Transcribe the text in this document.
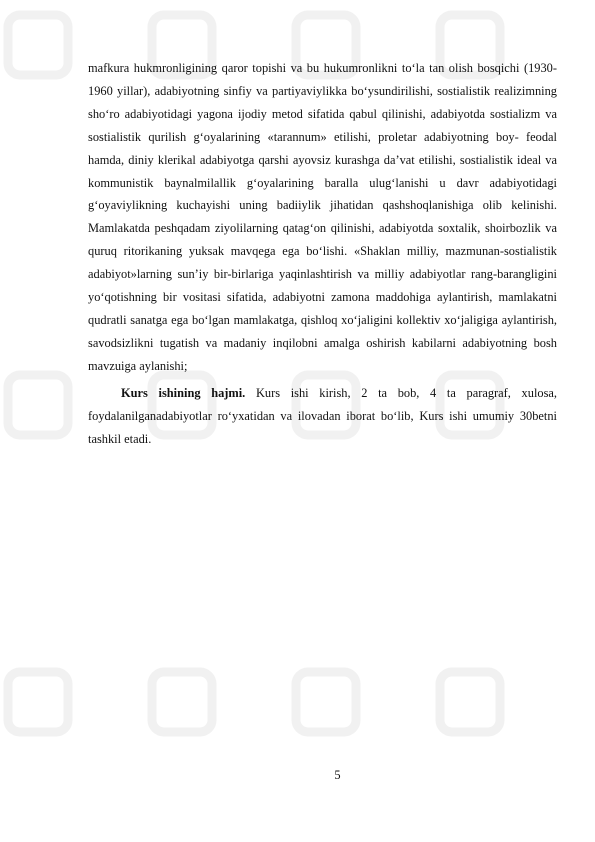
mafkura hukmronligining qaror topishi va bu hukumronlikni to‘la tan olish bosqichi (1930-1960 yillar), adabiyotning sinfiy va partiyaviylikka bo‘ysundirilishi, sostialistik realizimning sho‘ro adabiyotidagi yagona ijodiy metod sifatida qabul qilinishi, adabiyotda sostializm va sostialistik qurilish g‘oyalarining «tarannum» etilishi, proletar adabiyotning boy- feodal hamda, diniy klerikal adabiyotga qarshi ayovsiz kurashga da’vat etilishi, sostialistik ideal va kommunistik baynalmilallik g‘oyalarining baralla ulug‘lanishi u davr adabiyotidagi g‘oyaviylikning kuchayishi uning badiiylik jihatidan qashshoqlanishiga olib kelinishi. Mamlakatda peshqadam ziyolilarning qatag‘on qilinishi, adabiyotda soxtalik, shoirbozlik va quruq ritorikaning yuksak mavqega ega bo‘lishi. «Shaklan milliy, mazmunan-sostialistik adabiyot»larning sun’iy bir-birlariga yaqinlashtirish va milliy adabiyotlar rang-barangligini yo‘qotishning bir vositasi sifatida, adabiyotni zamona maddohiga aylantirish, mamlakatni qudratli sanatga ega bo‘lgan mamlakatga, qishloq xo‘jaligini kollektiv xo‘jaligiga aylantirish, savodsizlikni tugatish va madaniy inqilobni amalga oshirish kabilarni adabiyotning bosh mavzuiga aylanishi;

Kurs ishining hajmi. Kurs ishi kirish, 2 ta bob, 4 ta paragraf, xulosa, foydalanilganadabiyotlar ro‘yxatidan va ilovadan iborat bo‘lib, Kurs ishi umumiy 30betni tashkil etadi.

5
